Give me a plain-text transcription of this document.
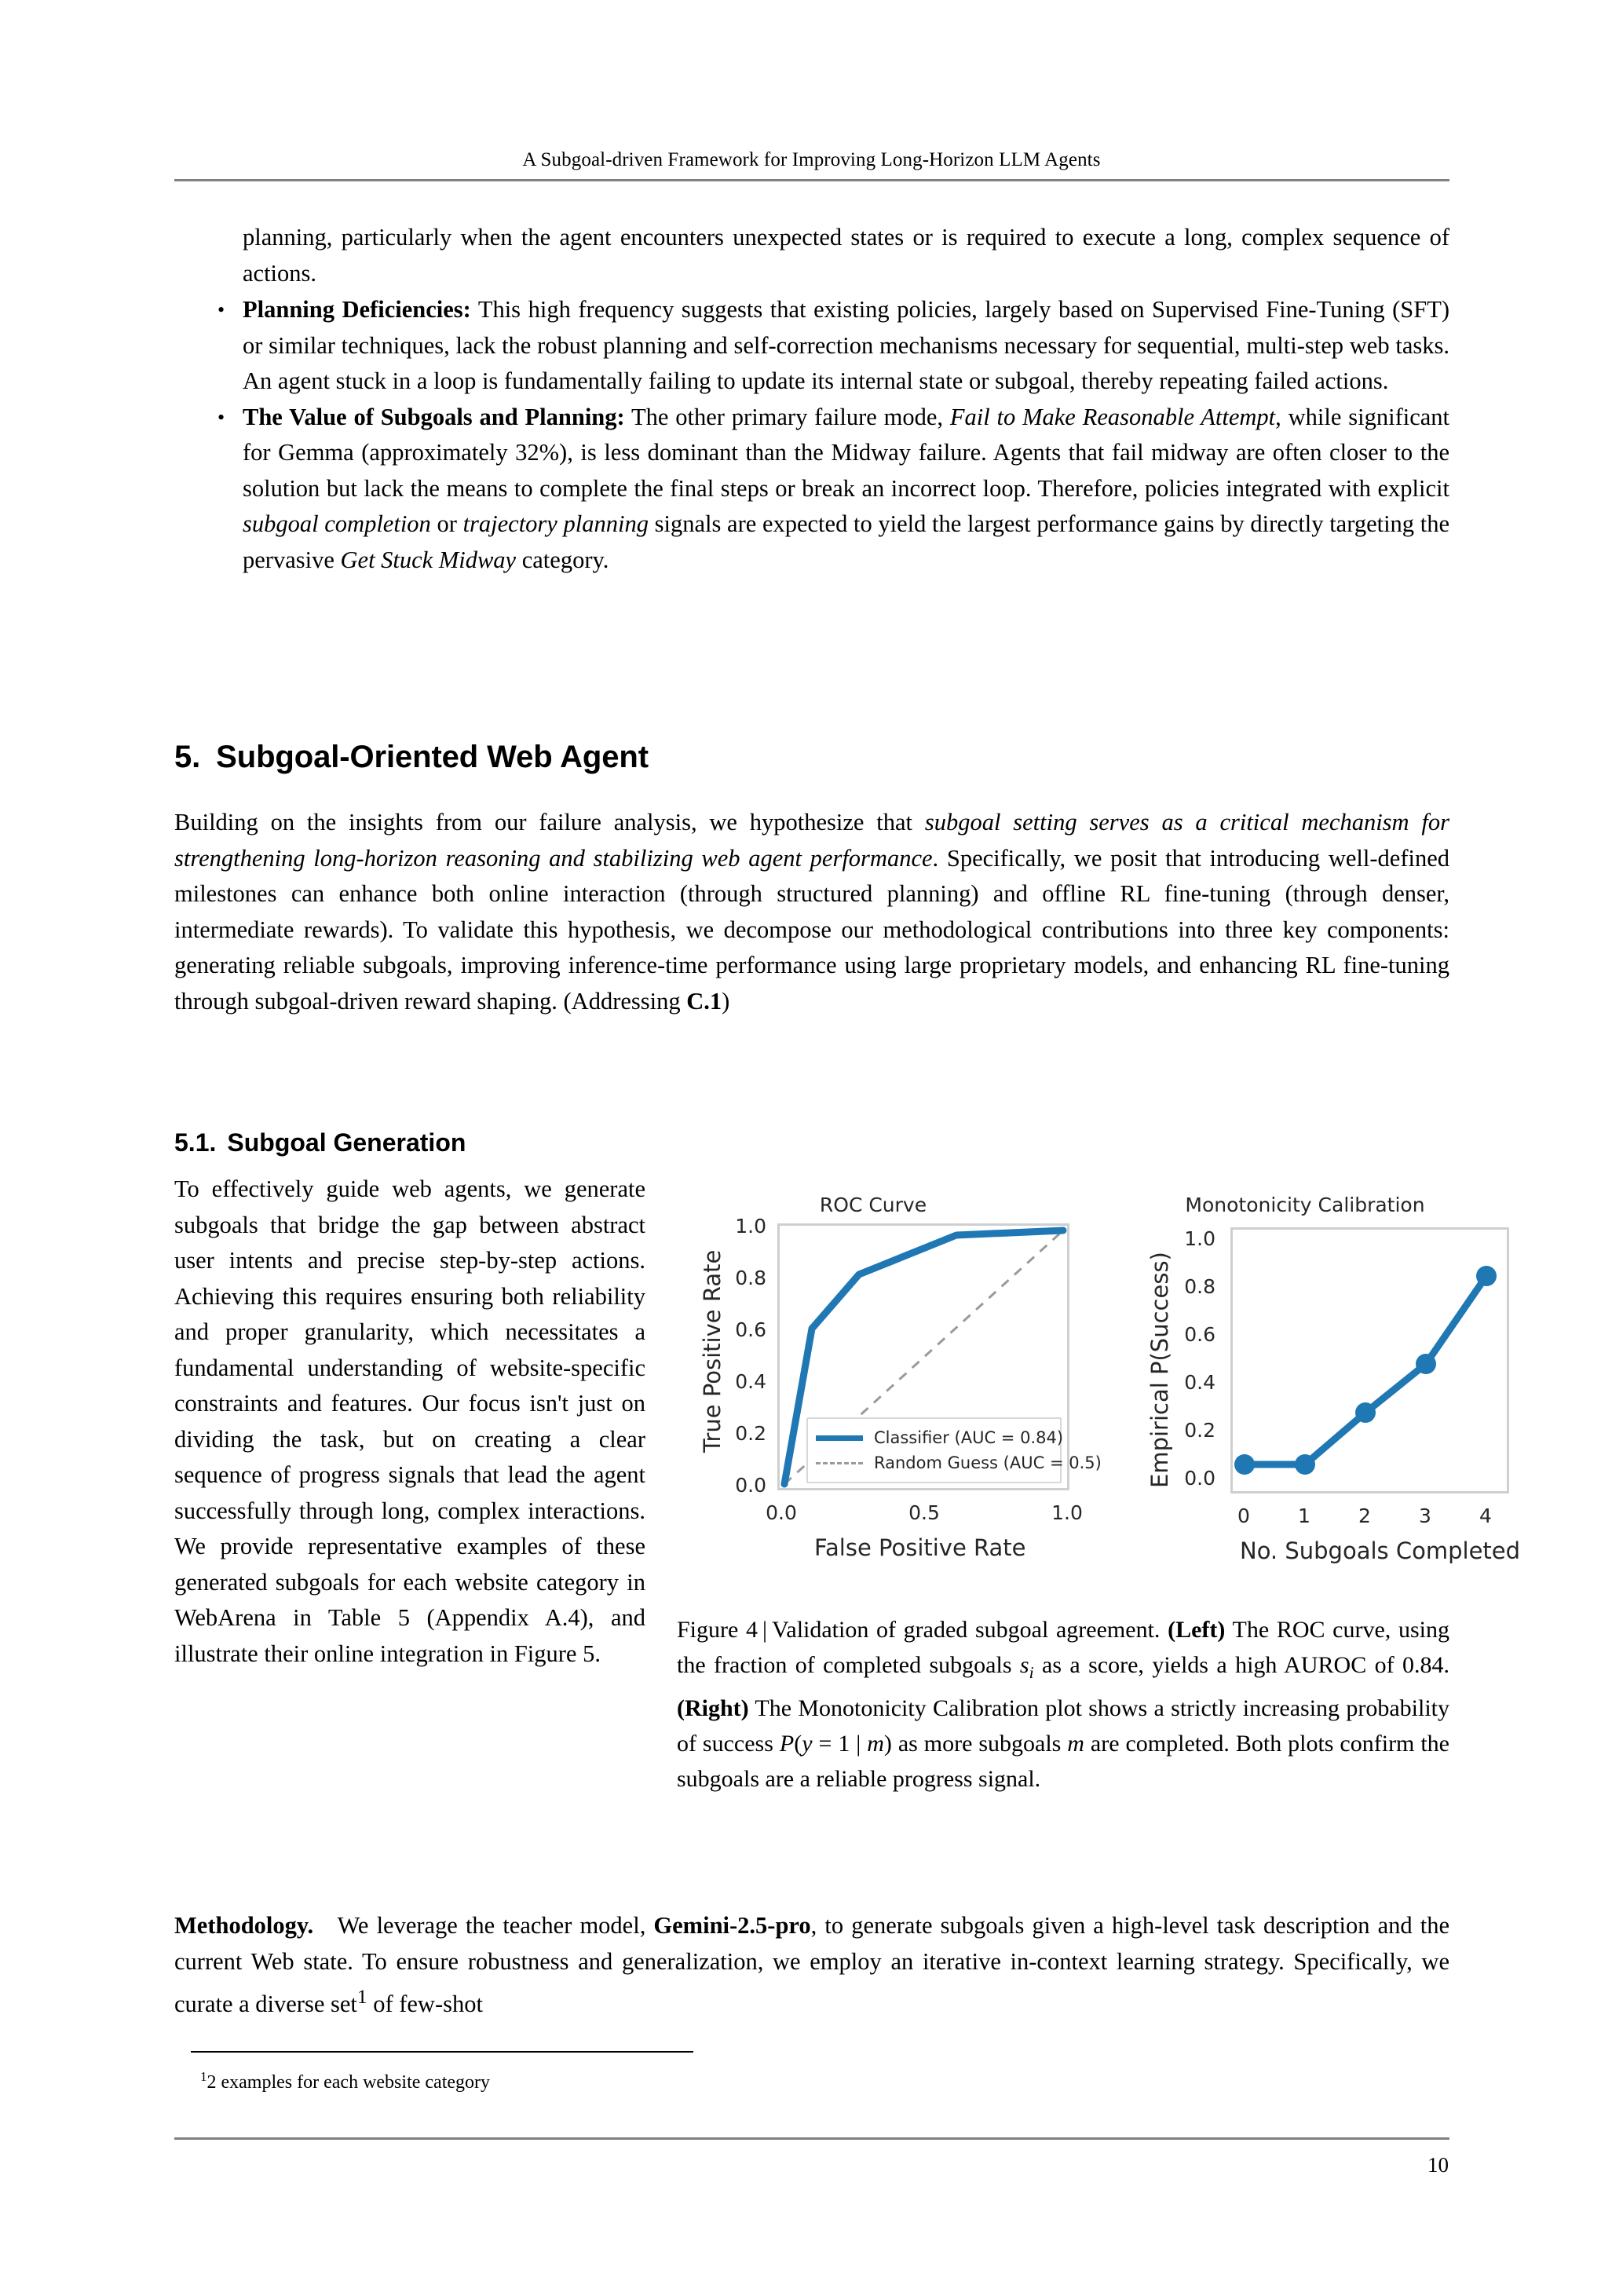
A Subgoal-driven Framework for Improving Long-Horizon LLM Agents
planning, particularly when the agent encounters unexpected states or is required to execute a long, complex sequence of actions.
• Planning Deficiencies: This high frequency suggests that existing policies, largely based on Supervised Fine-Tuning (SFT) or similar techniques, lack the robust planning and self-correction mechanisms necessary for sequential, multi-step web tasks. An agent stuck in a loop is fundamentally failing to update its internal state or subgoal, thereby repeating failed actions.
• The Value of Subgoals and Planning: The other primary failure mode, Fail to Make Reasonable Attempt, while significant for Gemma (approximately 32%), is less dominant than the Midway failure. Agents that fail midway are often closer to the solution but lack the means to complete the final steps or break an incorrect loop. Therefore, policies integrated with explicit subgoal completion or trajectory planning signals are expected to yield the largest performance gains by directly targeting the pervasive Get Stuck Midway category.
5. Subgoal-Oriented Web Agent
Building on the insights from our failure analysis, we hypothesize that subgoal setting serves as a critical mechanism for strengthening long-horizon reasoning and stabilizing web agent performance. Specifically, we posit that introducing well-defined milestones can enhance both online interaction (through structured planning) and offline RL fine-tuning (through denser, intermediate rewards). To validate this hypothesis, we decompose our methodological contributions into three key components: generating reliable subgoals, improving inference-time performance using large proprietary models, and enhancing RL fine-tuning through subgoal-driven reward shaping. (Addressing C.1)
5.1. Subgoal Generation
To effectively guide web agents, we generate subgoals that bridge the gap between abstract user intents and precise step-by-step actions. Achieving this requires ensuring both reliability and proper granularity, which necessitates a fundamental understanding of website-specific constraints and features. Our focus isn't just on dividing the task, but on creating a clear sequence of progress signals that lead the agent successfully through long, complex interactions. We provide representative examples of these generated subgoals for each website category in WebArena in Table 5 (Appendix A.4), and illustrate their online integration in Figure 5.
ROC Curve
1.0
0.8
0.6
0.4
0.2
0.0
0.0	0.5	1.0
False Positive Rate
True Positive Rate	Classifier (AUC = 0.84)
Random Guess (AUC = 0.5)
Monotonicity Calibration
1.0
0.8
0.6
0.4
0.2
0.0
0	1	2	3	4
No. Subgoals Completed
Empirical P(Success)
Figure 4  | Validation of graded subgoal agreement. (Left) The ROC curve, using the fraction of completed subgoals $s_i$ as a score, yields a high AUROC of 0.84. (Right) The Monotonicity Calibration plot shows a strictly increasing probability of success P(y = 1 | m) as more subgoals m are completed. Both plots confirm the subgoals are a reliable progress signal.
Methodology. We leverage the teacher model, Gemini-2.5-pro, to generate subgoals given a high-level task description and the current Web state. To ensure robustness and generalization, we employ an iterative in-context learning strategy. Specifically, we curate a diverse set$^1$ of few-shot
$^1$2 examples for each website category
10
